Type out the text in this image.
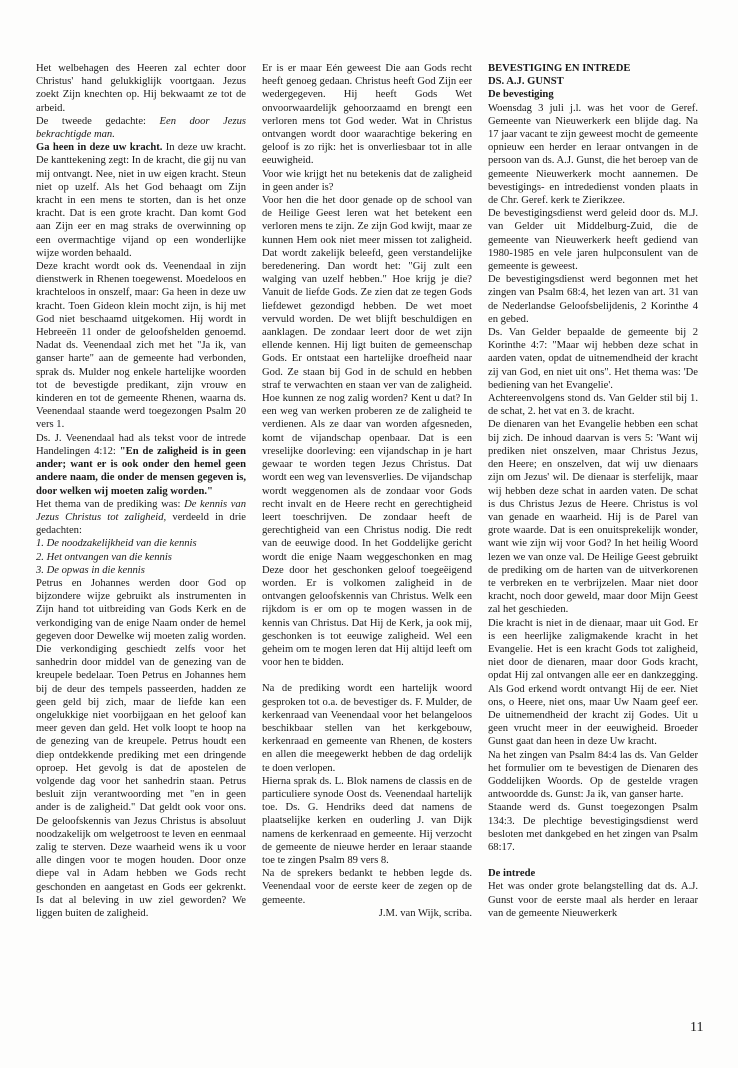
Het welbehagen des Heeren zal echter door Christus' hand gelukkiglijk voortgaan. Jezus zoekt Zijn knechten op. Hij bekwaamt ze tot de arbeid.

De tweede gedachte: Een door Jezus bekrachtigde man.

Ga heen in deze uw kracht. In deze uw kracht. De kanttekening zegt: In de kracht, die gij nu van mij ontvangt. Nee, niet in uw eigen kracht. Steun niet op uzelf. Als het God behaagt om Zijn kracht in een mens te storten, dan is het onze kracht. Dat is een grote kracht. Dan komt God aan Zijn eer en mag straks de overwinning op een overmachtige vijand op een wonderlijke wijze worden behaald.

Deze kracht wordt ook ds. Veenendaal in zijn dienstwerk in Rhenen toegewenst. Moedeloos en krachteloos in onszelf, maar: Ga heen in deze uw kracht. Toen Gideon klein mocht zijn, is hij met God niet beschaamd uitgekomen. Hij wordt in Hebreeën 11 onder de geloofshelden genoemd. Nadat ds. Veenendaal zich met het "Ja ik, van ganser harte" aan de gemeente had verbonden, sprak ds. Mulder nog enkele hartelijke woorden tot de bevestigde predikant, zijn vrouw en kinderen en tot de gemeente Rhenen, waarna ds. Veenendaal staande werd toegezongen Psalm 20 vers 1.

Ds. J. Veenendaal had als tekst voor de intrede Handelingen 4:12: "En de zaligheid is in geen ander; want er is ook onder den hemel geen andere naam, die onder de mensen gegeven is, door welken wij moeten zalig worden."

Het thema van de prediking was: De kennis van Jezus Christus tot zaligheid, verdeeld in drie gedachten:

1. De noodzakelijkheid van die kennis

2. Het ontvangen van die kennis

3. De opwas in die kennis

Petrus en Johannes werden door God op bijzondere wijze gebruikt als instrumenten in Zijn hand tot uitbreiding van Gods Kerk en de verkondiging van de enige Naam onder de hemel gegeven door Dewelke wij moeten zalig worden. Die verkondiging geschiedt zelfs voor het sanhedrin door middel van de genezing van de kreupele bedelaar. Toen Petrus en Johannes hem bij de deur des tempels passeerden, hadden ze geen geld bij zich, maar de liefde kan een ongelukkige niet voorbijgaan en het geloof kan meer geven dan geld. Het volk loopt te hoop na de genezing van de kreupele. Petrus houdt een diep ontdekkende prediking met een dringende oproep. Het gevolg is dat de apostelen de volgende dag voor het sanhedrin staan. Petrus besluit zijn verantwoording met "en in geen ander is de zaligheid." Dat geldt ook voor ons. De geloofskennis van Jezus Christus is absoluut noodzakelijk om welgetroost te leven en eenmaal zalig te sterven. Deze waarheid wens ik u voor alle dingen voor te mogen houden. Door onze diepe val in Adam hebben we Gods recht geschonden en aangetast en Gods eer gekrenkt. Is dat al beleving in uw ziel geworden? We liggen buiten de zaligheid.

Er is er maar Eén geweest Die aan Gods recht heeft genoeg gedaan. Christus heeft God Zijn eer wedergegeven. Hij heeft Gods Wet onvoorwaardelijk gehoorzaamd en brengt een verloren mens tot God weder. Wat in Christus ontvangen wordt door waarachtige bekering en geloof is zo rijk: het is onverliesbaar tot in alle eeuwigheid.

Voor wie krijgt het nu betekenis dat de zaligheid in geen ander is?

Voor hen die het door genade op de school van de Heilige Geest leren wat het betekent een verloren mens te zijn. Ze zijn God kwijt, maar ze kunnen Hem ook niet meer missen tot zaligheid. Dat wordt zakelijk beleefd, geen verstandelijke beredenering. Dan wordt het: "Gij zult een walging van uzelf hebben." Hoe krijg je die? Vanuit de liefde Gods. Ze zien dat ze tegen Gods liefdewet gezondigd hebben. De wet moet vervuld worden. De wet blijft beschuldigen en aanklagen. De zondaar leert door de wet zijn ellende kennen. Hij ligt buiten de gemeenschap Gods. Er ontstaat een hartelijke droefheid naar God. Ze staan bij God in de schuld en hebben straf te verwachten en staan ver van de zaligheid. Hoe kunnen ze nog zalig worden? Kent u dat? In een weg van werken proberen ze de zaligheid te verdienen. Als ze daar van worden afgesneden, komt de vijandschap openbaar. Dat is een vreselijke doorleving: een vijandschap in je hart gewaar te worden tegen Jezus Christus. Dat wordt een weg van levensverlies. De vijandschap wordt weggenomen als de zondaar voor Gods recht invalt en de Heere recht en gerechtigheid leert toeschrijven. De zondaar heeft de gerechtigheid van een Christus nodig. Die redt van de eeuwige dood. In het Goddelijke gericht wordt die enige Naam weggeschonken en mag Deze door het geschonken geloof toegeëigend worden. Er is volkomen zaligheid in de ontvangen geloofskennis van Christus. Welk een rijkdom is er om op te mogen wassen in de kennis van Christus. Dat Hij de Kerk, ja ook mij, geschonken is tot eeuwige zaligheid. Wel een geheim om te mogen leren dat Hij altijd leeft om voor hen te bidden.

Na de prediking wordt een hartelijk woord gesproken tot o.a. de bevestiger ds. F. Mulder, de kerkenraad van Veenendaal voor het belangeloos beschikbaar stellen van het kerkgebouw, kerkenraad en gemeente van Rhenen, de kosters en allen die meegewerkt hebben de dag ordelijk te doen verlopen.

Hierna sprak ds. L. Blok namens de classis en de particuliere synode Oost ds. Veenendaal hartelijk toe. Ds. G. Hendriks deed dat namens de plaatselijke kerken en ouderling J. van Dijk namens de kerkenraad en gemeente. Hij verzocht de gemeente de nieuwe herder en leraar staande toe te zingen Psalm 89 vers 8.

Na de sprekers bedankt te hebben legde ds. Veenendaal voor de eerste keer de zegen op de gemeente.

J.M. van Wijk, scriba.

BEVESTIGING EN INTREDE

DS. A.J. GUNST

De bevestiging

Woensdag 3 juli j.l. was het voor de Geref. Gemeente van Nieuwerkerk een blijde dag. Na 17 jaar vacant te zijn geweest mocht de gemeente opnieuw een herder en leraar ontvangen in de persoon van ds. A.J. Gunst, die het beroep van de gemeente Nieuwerkerk mocht aannemen. De bevestigings- en intrededienst vonden plaats in de Chr. Geref. kerk te Zierikzee.

De bevestigingsdienst werd geleid door ds. M.J. van Gelder uit Middelburg-Zuid, die de gemeente van Nieuwerkerk heeft gediend van 1980-1985 en vele jaren hulpconsulent van de gemeente is geweest.

De bevestigingsdienst werd begonnen met het zingen van Psalm 68:4, het lezen van art. 31 van de Nederlandse Geloofsbelijdenis, 2 Korinthe 4 en gebed.

Ds. Van Gelder bepaalde de gemeente bij 2 Korinthe 4:7: "Maar wij hebben deze schat in aarden vaten, opdat de uitnemendheid der kracht zij van God, en niet uit ons". Het thema was: 'De bediening van het Evangelie'.

Achtereenvolgens stond ds. Van Gelder stil bij 1. de schat, 2. het vat en 3. de kracht.

De dienaren van het Evangelie hebben een schat bij zich. De inhoud daarvan is vers 5: 'Want wij prediken niet onszelven, maar Christus Jezus, den Heere; en onszelven, dat wij uw dienaars zijn om Jezus' wil. De dienaar is sterfelijk, maar wij hebben deze schat in aarden vaten. De schat is dus Christus Jezus de Heere. Christus is vol van genade en waarheid. Hij is de Parel van grote waarde. Dat is een onuitsprekelijk wonder, want wie zijn wij voor God? In het heilig Woord lezen we van onze val. De Heilige Geest gebruikt de prediking om de harten van de uitverkorenen te verbreken en te verbrijzelen. Maar niet door kracht, noch door geweld, maar door Mijn Geest zal het geschieden.

Die kracht is niet in de dienaar, maar uit God. Er is een heerlijke zaligmakende kracht in het Evangelie. Het is een kracht Gods tot zaligheid, niet door de dienaren, maar door Gods kracht, opdat Hij zal ontvangen alle eer en dankzegging. Als God erkend wordt ontvangt Hij de eer. Niet ons, o Heere, niet ons, maar Uw Naam geef eer. De uitnemendheid der kracht zij Godes. Uit u geen vrucht meer in der eeuwigheid. Broeder Gunst gaat dan heen in deze Uw kracht.

Na het zingen van Psalm 84:4 las ds. Van Gelder het formulier om te bevestigen de Dienaren des Goddelijken Woords. Op de gestelde vragen antwoordde ds. Gunst: Ja ik, van ganser harte.

Staande werd ds. Gunst toegezongen Psalm 134:3. De plechtige bevestigingsdienst werd besloten met dankgebed en het zingen van Psalm 68:17.

De intrede

Het was onder grote belangstelling dat ds. A.J. Gunst voor de eerste maal als herder en leraar van de gemeente Nieuwerkerk

11
